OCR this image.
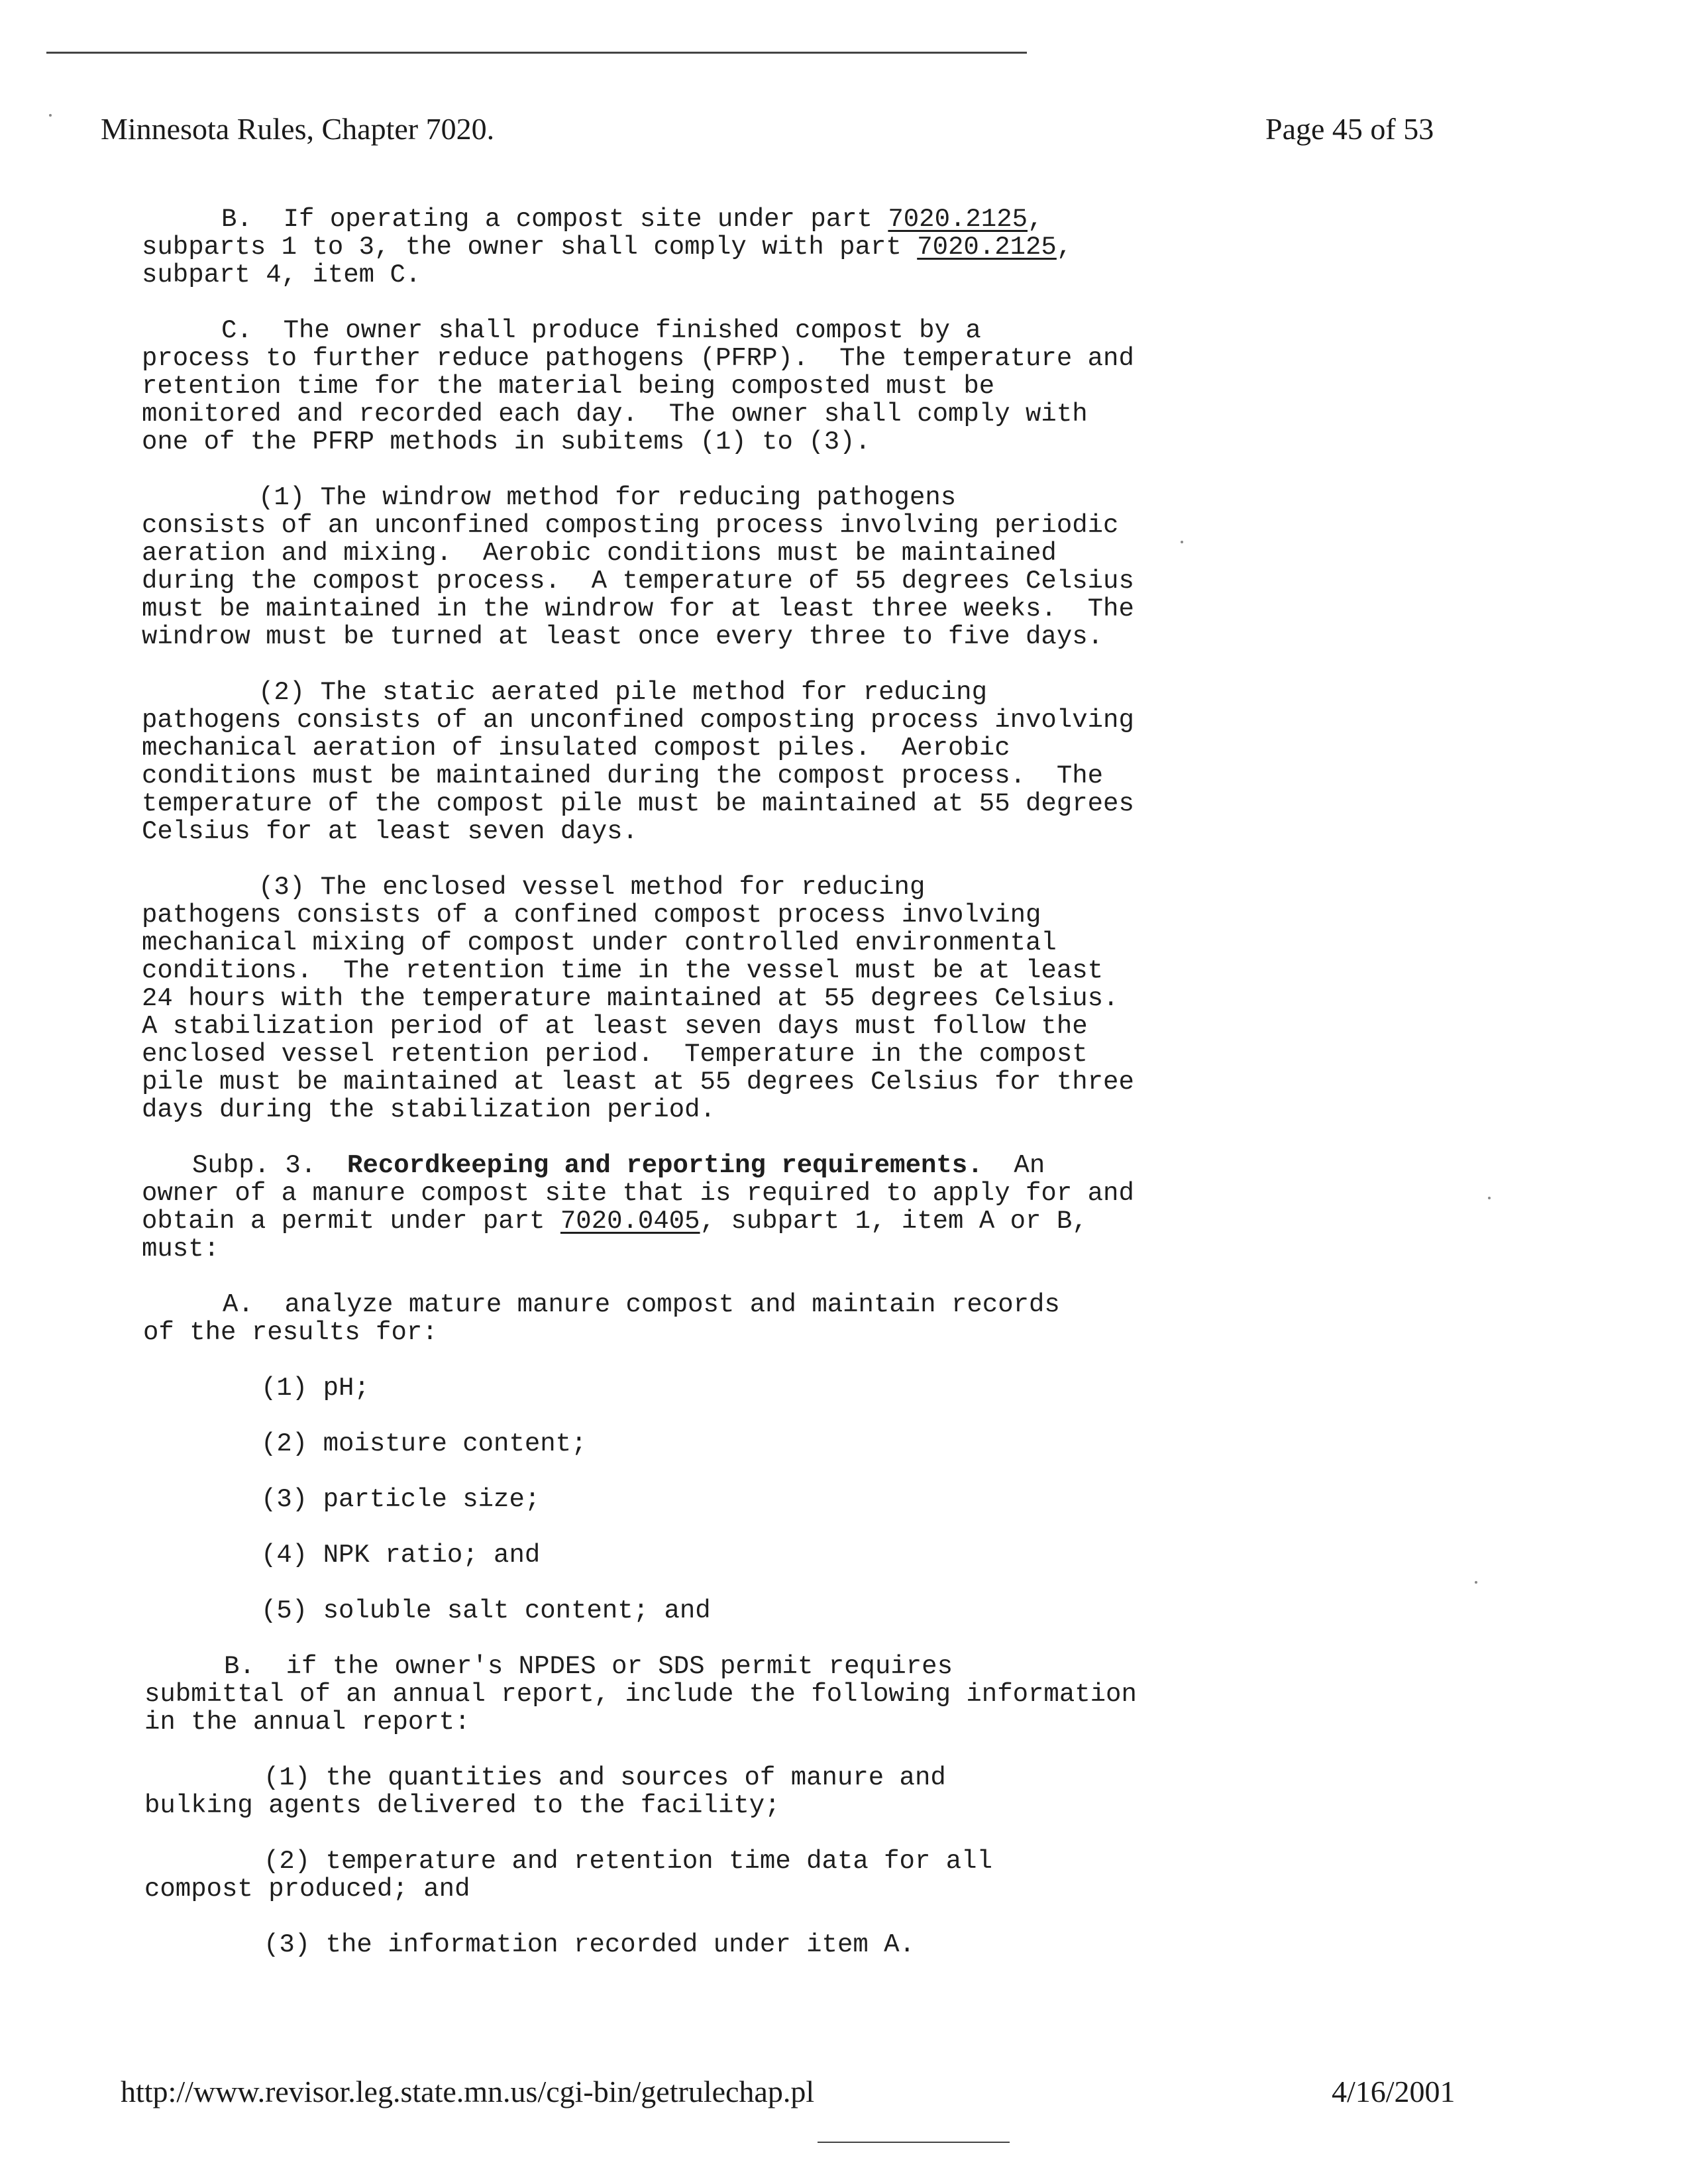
Minnesota Rules, Chapter 7020.	Page 45 of 53
B.  If operating a compost site under part 7020.2125,
subparts 1 to 3, the owner shall comply with part 7020.2125,
subpart 4, item C.
C.  The owner shall produce finished compost by a
process to further reduce pathogens (PFRP).  The temperature and
retention time for the material being composted must be
monitored and recorded each day.  The owner shall comply with
one of the PFRP methods in subitems (1) to (3).
(1) The windrow method for reducing pathogens
consists of an unconfined composting process involving periodic
aeration and mixing.  Aerobic conditions must be maintained
during the compost process.  A temperature of 55 degrees Celsius
must be maintained in the windrow for at least three weeks.  The
windrow must be turned at least once every three to five days.
(2) The static aerated pile method for reducing
pathogens consists of an unconfined composting process involving
mechanical aeration of insulated compost piles.  Aerobic
conditions must be maintained during the compost process.  The
temperature of the compost pile must be maintained at 55 degrees
Celsius for at least seven days.
(3) The enclosed vessel method for reducing
pathogens consists of a confined compost process involving
mechanical mixing of compost under controlled environmental
conditions.  The retention time in the vessel must be at least
24 hours with the temperature maintained at 55 degrees Celsius.
A stabilization period of at least seven days must follow the
enclosed vessel retention period.  Temperature in the compost
pile must be maintained at least at 55 degrees Celsius for three
days during the stabilization period.
Subp. 3.  Recordkeeping and reporting requirements.  An
owner of a manure compost site that is required to apply for and
obtain a permit under part 7020.0405, subpart 1, item A or B,
must:
A.  analyze mature manure compost and maintain records
of the results for:
(1) pH;
(2) moisture content;
(3) particle size;
(4) NPK ratio; and
(5) soluble salt content; and
B.  if the owner's NPDES or SDS permit requires
submittal of an annual report, include the following information
in the annual report:
(1) the quantities and sources of manure and
bulking agents delivered to the facility;
(2) temperature and retention time data for all
compost produced; and
(3) the information recorded under item A.
http://www.revisor.leg.state.mn.us/cgi-bin/getrulechap.pl	4/16/2001
